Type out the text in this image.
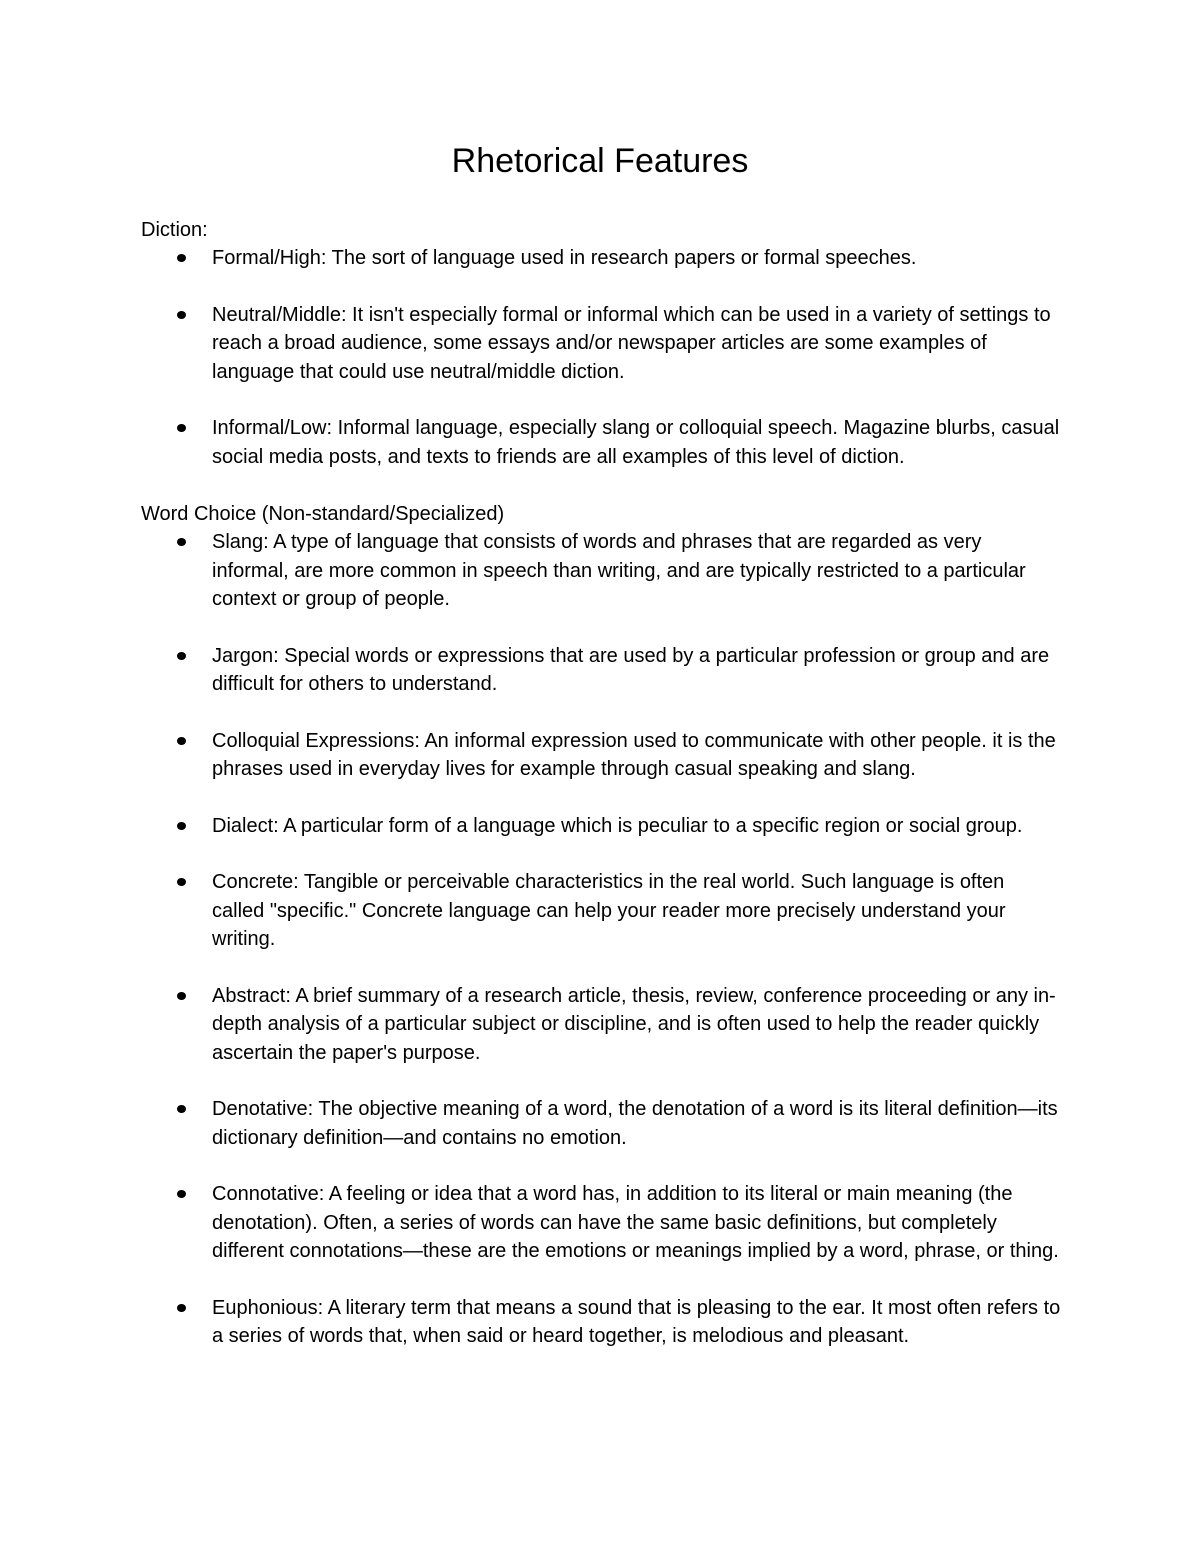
Rhetorical Features

Diction:

Formal/High: The sort of language used in research papers or formal speeches.
Neutral/Middle: It isn't especially formal or informal which can be used in a variety of settings to reach a broad audience, some essays and/or newspaper articles are some examples of language that could use neutral/middle diction.
Informal/Low: Informal language, especially slang or colloquial speech. Magazine blurbs, casual social media posts, and texts to friends are all examples of this level of diction.

Word Choice (Non-standard/Specialized)

Slang: A type of language that consists of words and phrases that are regarded as very informal, are more common in speech than writing, and are typically restricted to a particular context or group of people.
Jargon: Special words or expressions that are used by a particular profession or group and are difficult for others to understand.
Colloquial Expressions: An informal expression used to communicate with other people. it is the phrases used in everyday lives for example through casual speaking and slang.
Dialect: A particular form of a language which is peculiar to a specific region or social group.
Concrete: Tangible or perceivable characteristics in the real world. Such language is often called "specific." Concrete language can help your reader more precisely understand your writing.
Abstract: A brief summary of a research article, thesis, review, conference proceeding or any in-depth analysis of a particular subject or discipline, and is often used to help the reader quickly ascertain the paper's purpose.
Denotative: The objective meaning of a word, the denotation of a word is its literal definition—its dictionary definition—and contains no emotion.
Connotative: A feeling or idea that a word has, in addition to its literal or main meaning (the denotation). Often, a series of words can have the same basic definitions, but completely different connotations—these are the emotions or meanings implied by a word, phrase, or thing.
Euphonious: A literary term that means a sound that is pleasing to the ear. It most often refers to a series of words that, when said or heard together, is melodious and pleasant.
